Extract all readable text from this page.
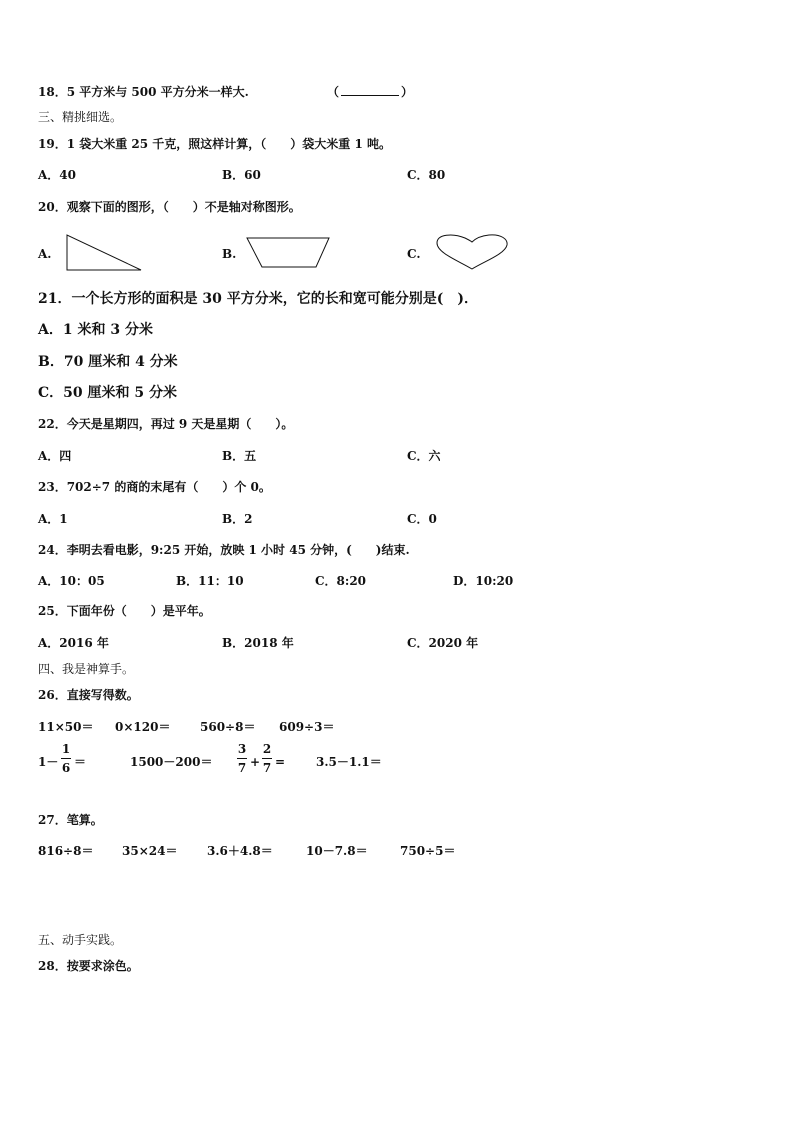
18．5 平方米与 500 平方分米一样大.	（	）
三、精挑细选。
19．1 袋大米重 25 千克，照这样计算，（　　）袋大米重 1 吨。
A．40	B．60	C．80
20．观察下面的图形，（　　）不是轴对称图形。
A.	B.	C.
21．一个长方形的面积是 30 平方分米，它的长和宽可能分别是(　)．
A．1 米和 3 分米
B．70 厘米和 4 分米
C．50 厘米和 5 分米
22．今天是星期四，再过 9 天是星期（　　）。
A．四	B．五	C．六
23．702÷7 的商的末尾有（　　）个 0。
A．1	B．2	C．0
24．李明去看电影，9:25 开始，放映 1 小时 45 分钟，(　　)结束.
A．10：05	B．11：10	C．8:20	D．10:20
25．下面年份（　　）是平年。
A．2016 年	B．2018 年	C．2020 年
四、我是神算手。
26．直接写得数。
11×50＝ 0×120＝ 560÷8＝ 609÷3＝
1－
1
6 ＝	1500－200＝
3
7 +
2
7 =	3.5－1.1＝
27．笔算。
816÷8＝ 35×24＝ 3.6＋4.8＝	10－7.8＝	750÷5＝
五、动手实践。
28．按要求涂色。
